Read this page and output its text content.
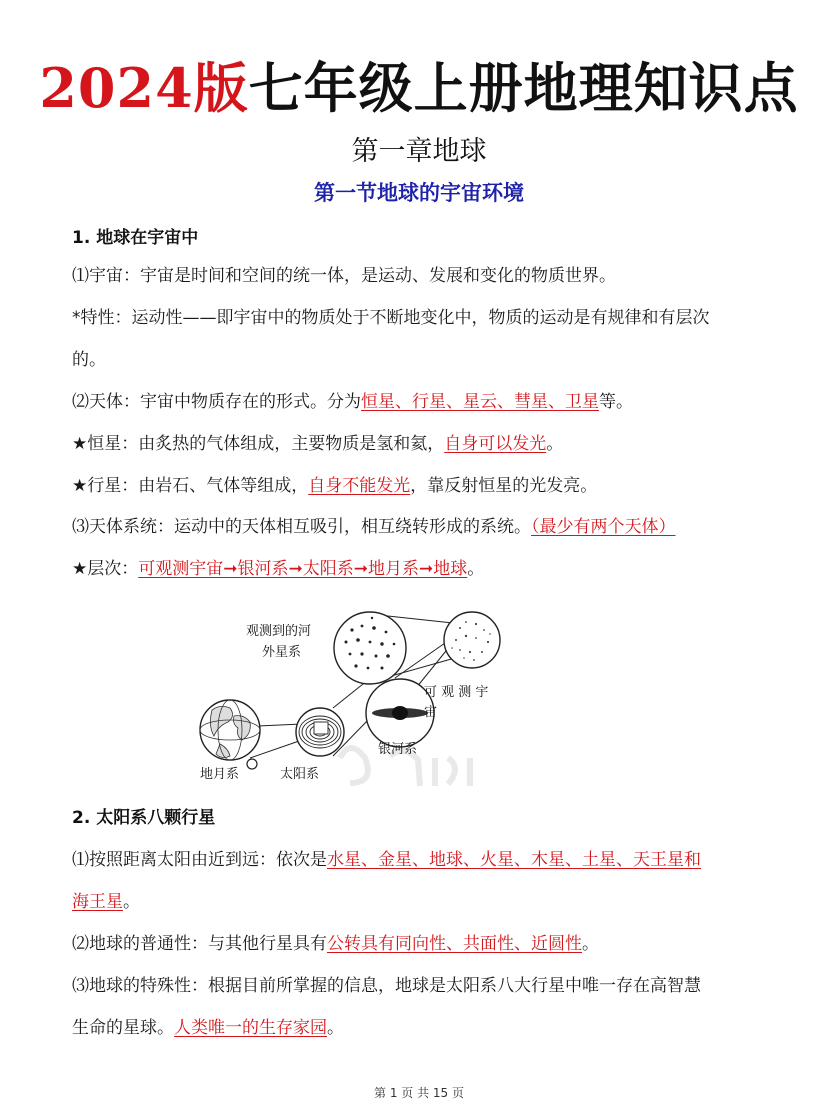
2024版七年级上册地理知识点
第一章地球
第一节地球的宇宙环境
1. 地球在宇宙中
⑴宇宙：宇宙是时间和空间的统一体，是运动、发展和变化的物质世界。
*特性：运动性——即宇宙中的物质处于不断地变化中，物质的运动是有规律和有层次
的。
⑵天体：宇宙中物质存在的形式。分为恒星、行星、星云、彗星、卫星等。
★恒星：由炙热的气体组成，主要物质是氢和氦，自身可以发光。
★行星：由岩石、气体等组成，自身不能发光，靠反射恒星的光发亮。
⑶天体系统：运动中的天体相互吸引，相互绕转形成的系统。（最少有两个天体）
★层次：可观测宇宙➞银河系➞太阳系➞地月系➞地球。
观测到的河
外星系
可 观 测 宇
宙
银河系
地月系	太阳系
2. 太阳系八颗行星
⑴按照距离太阳由近到远：依次是水星、金星、地球、火星、木星、土星、天王星和
海王星。
⑵地球的普通性：与其他行星具有公转具有同向性、共面性、近圆性。
⑶地球的特殊性：根据目前所掌握的信息，地球是太阳系八大行星中唯一存在高智慧
生命的星球。人类唯一的生存家园。
第 1 页 共 15 页
